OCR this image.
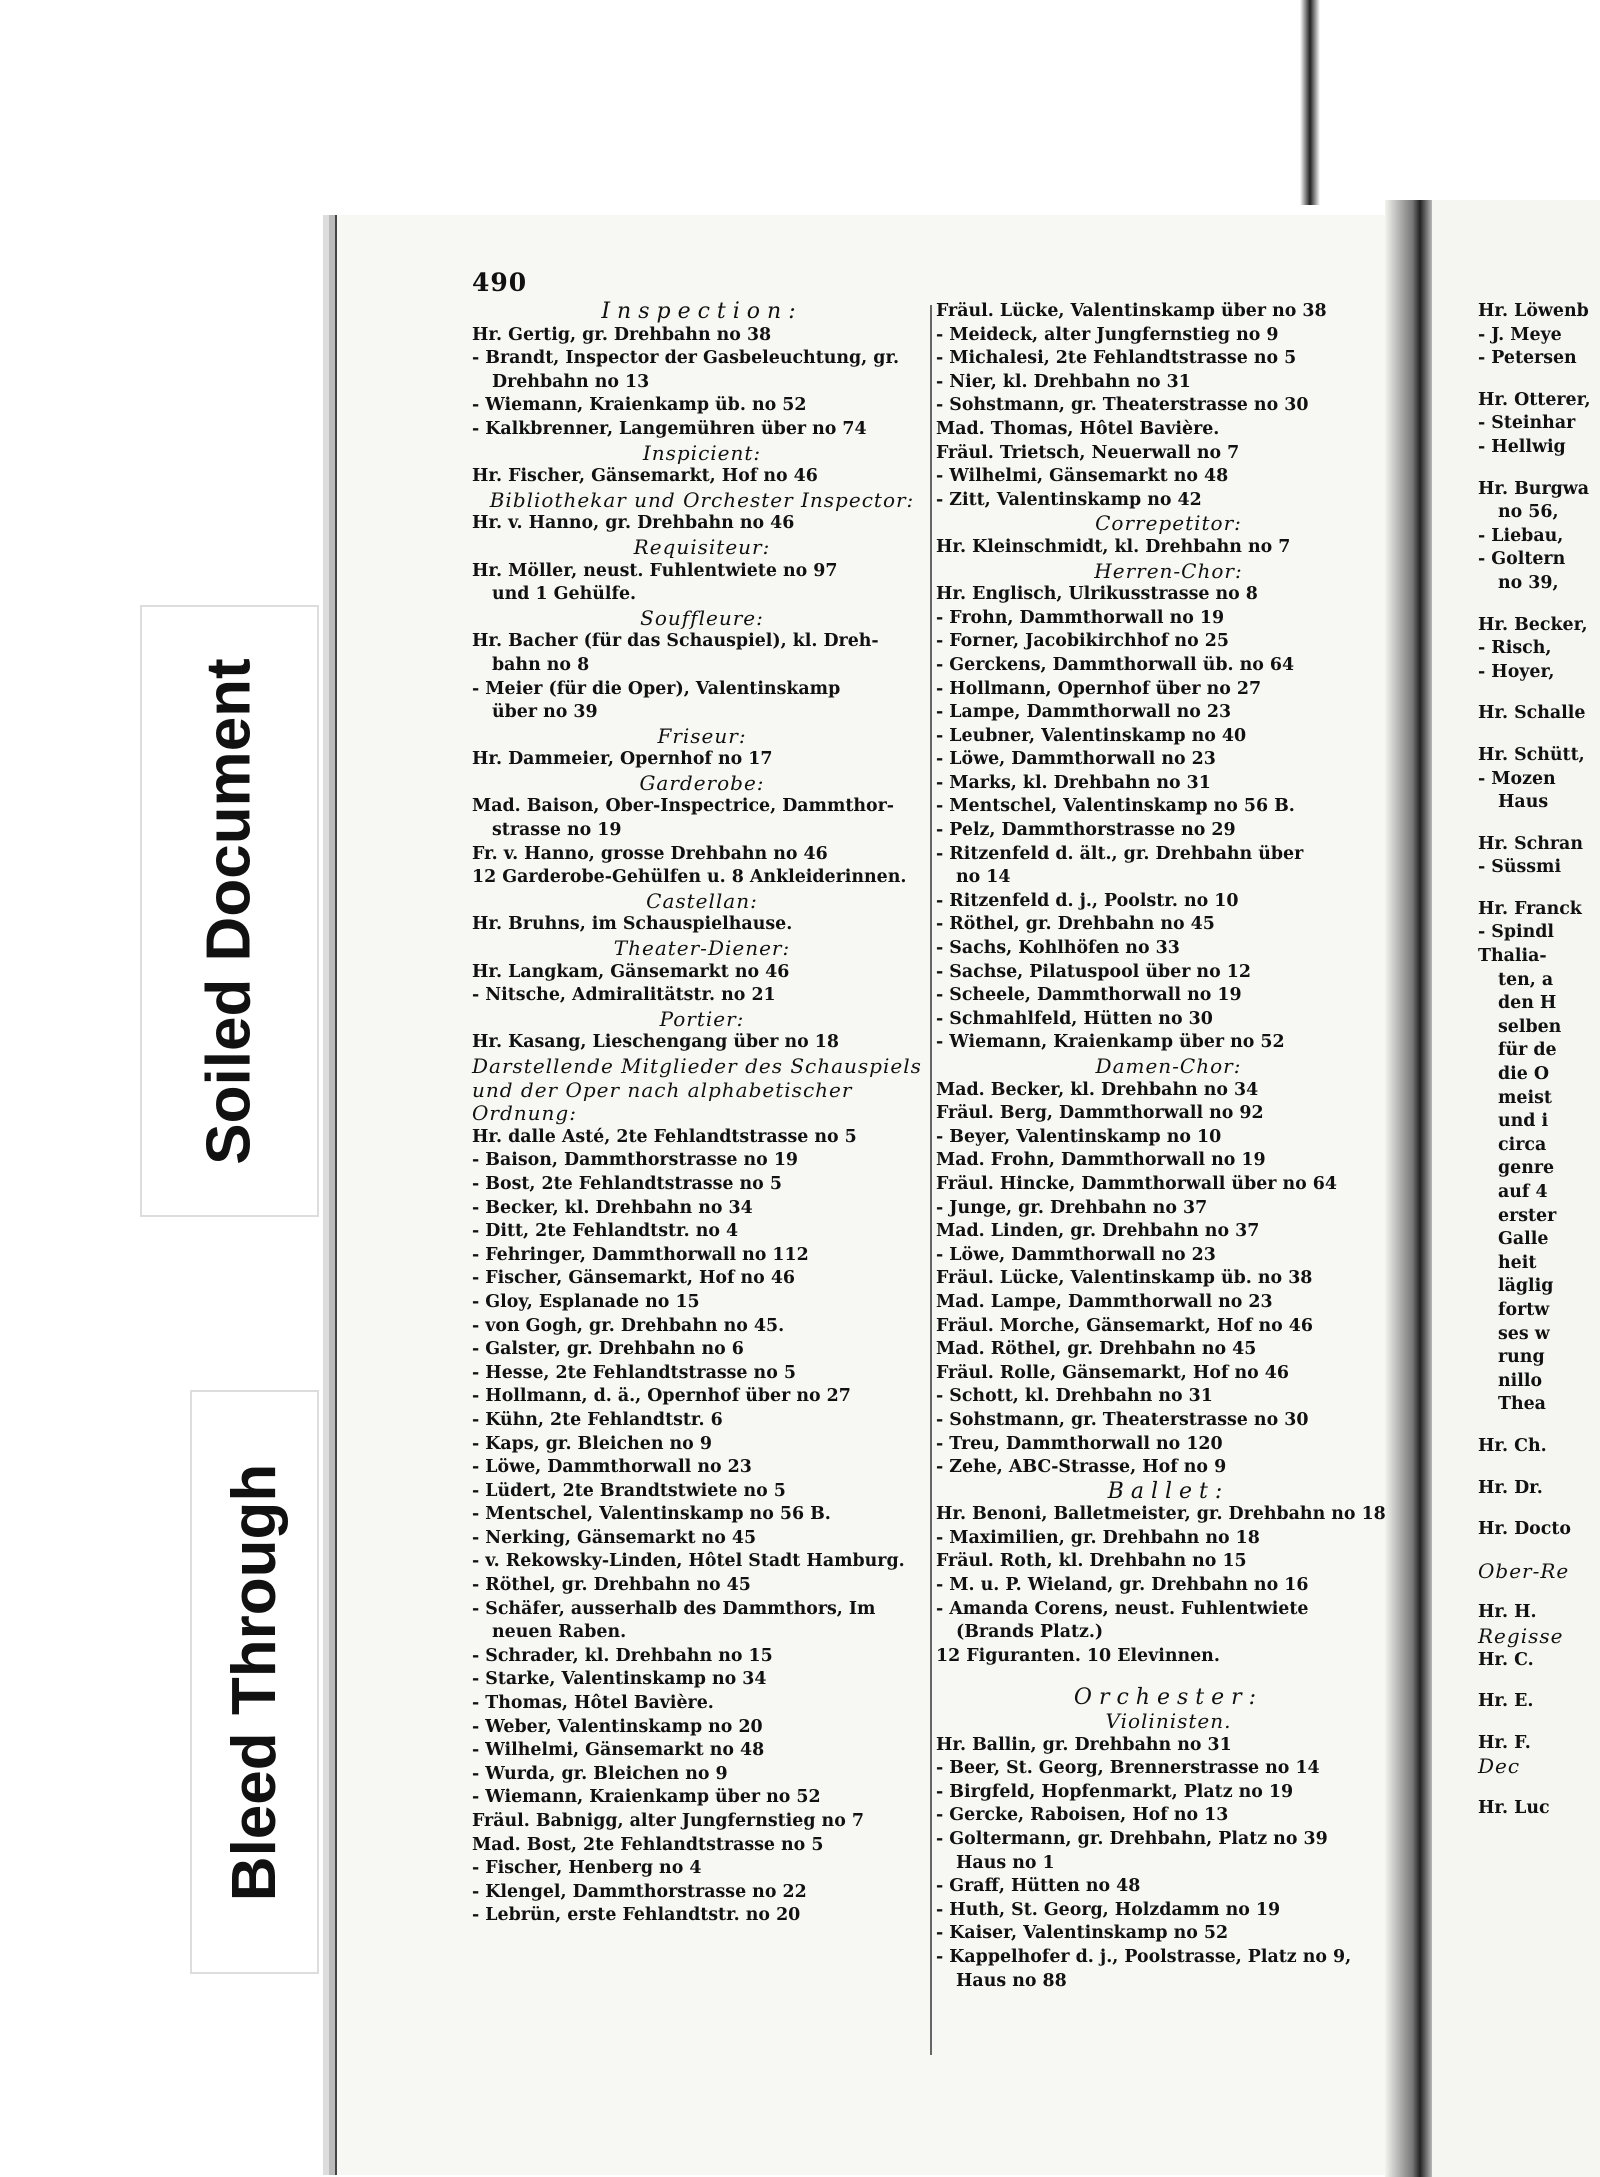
490
Inspection:
Hr. Gertig, gr. Drehbahn no 38
- Brandt, Inspector der Gasbeleuchtung, gr.
Drehbahn no 13
- Wiemann, Kraienkamp üb. no 52
- Kalkbrenner, Langemühren über no 74
Inspicient:
Hr. Fischer, Gänsemarkt, Hof no 46
Bibliothekar und Orchester Inspector:
Hr. v. Hanno, gr. Drehbahn no 46
Requisiteur:
Hr. Möller, neust. Fuhlentwiete no 97
und 1 Gehülfe.
Souffleure:
Hr. Bacher (für das Schauspiel), kl. Dreh-
bahn no 8
- Meier (für die Oper), Valentinskamp
über no 39
Friseur:
Hr. Dammeier, Opernhof no 17
Garderobe:
Mad. Baison, Ober-Inspectrice, Dammthor-
strasse no 19
Fr. v. Hanno, grosse Drehbahn no 46
12 Garderobe-Gehülfen u. 8 Ankleiderinnen.
Castellan:
Hr. Bruhns, im Schauspielhause.
Theater-Diener:
Hr. Langkam, Gänsemarkt no 46
- Nitsche, Admiralitätstr. no 21
Portier:
Hr. Kasang, Lieschengang über no 18
Darstellende Mitglieder des Schauspiels
und der Oper nach alphabetischer
Ordnung:
Hr. dalle Asté, 2te Fehlandtstrasse no 5
- Baison, Dammthorstrasse no 19
- Bost, 2te Fehlandtstrasse no 5
- Becker, kl. Drehbahn no 34
- Ditt, 2te Fehlandtstr. no 4
- Fehringer, Dammthorwall no 112
- Fischer, Gänsemarkt, Hof no 46
- Gloy, Esplanade no 15
- von Gogh, gr. Drehbahn no 45.
- Galster, gr. Drehbahn no 6
- Hesse, 2te Fehlandtstrasse no 5
- Hollmann, d. ä., Opernhof über no 27
- Kühn, 2te Fehlandtstr. 6
- Kaps, gr. Bleichen no 9
- Löwe, Dammthorwall no 23
- Lüdert, 2te Brandtstwiete no 5
- Mentschel, Valentinskamp no 56 B.
- Nerking, Gänsemarkt no 45
- v. Rekowsky-Linden, Hôtel Stadt Hamburg.
- Röthel, gr. Drehbahn no 45
- Schäfer, ausserhalb des Dammthors, Im
neuen Raben.
- Schrader, kl. Drehbahn no 15
- Starke, Valentinskamp no 34
- Thomas, Hôtel Bavière.
- Weber, Valentinskamp no 20
- Wilhelmi, Gänsemarkt no 48
- Wurda, gr. Bleichen no 9
- Wiemann, Kraienkamp über no 52
Fräul. Babnigg, alter Jungfernstieg no 7
Mad. Bost, 2te Fehlandtstrasse no 5
- Fischer, Henberg no 4
- Klengel, Dammthorstrasse no 22
- Lebrün, erste Fehlandtstr. no 20
Fräul. Lücke, Valentinskamp über no 38
- Meideck, alter Jungfernstieg no 9
- Michalesi, 2te Fehlandtstrasse no 5
- Nier, kl. Drehbahn no 31
- Sohstmann, gr. Theaterstrasse no 30
Mad. Thomas, Hôtel Bavière.
Fräul. Trietsch, Neuerwall no 7
- Wilhelmi, Gänsemarkt no 48
- Zitt, Valentinskamp no 42
Correpetitor:
Hr. Kleinschmidt, kl. Drehbahn no 7
Herren-Chor:
Hr. Englisch, Ulrikusstrasse no 8
- Frohn, Dammthorwall no 19
- Forner, Jacobikirchhof no 25
- Gerckens, Dammthorwall üb. no 64
- Hollmann, Opernhof über no 27
- Lampe, Dammthorwall no 23
- Leubner, Valentinskamp no 40
- Löwe, Dammthorwall no 23
- Marks, kl. Drehbahn no 31
- Mentschel, Valentinskamp no 56 B.
- Pelz, Dammthorstrasse no 29
- Ritzenfeld d. ält., gr. Drehbahn über
no 14
- Ritzenfeld d. j., Poolstr. no 10
- Röthel, gr. Drehbahn no 45
- Sachs, Kohlhöfen no 33
- Sachse, Pilatuspool über no 12
- Scheele, Dammthorwall no 19
- Schmahlfeld, Hütten no 30
- Wiemann, Kraienkamp über no 52
Damen-Chor:
Mad. Becker, kl. Drehbahn no 34
Fräul. Berg, Dammthorwall no 92
- Beyer, Valentinskamp no 10
Mad. Frohn, Dammthorwall no 19
Fräul. Hincke, Dammthorwall über no 64
- Junge, gr. Drehbahn no 37
Mad. Linden, gr. Drehbahn no 37
- Löwe, Dammthorwall no 23
Fräul. Lücke, Valentinskamp üb. no 38
Mad. Lampe, Dammthorwall no 23
Fräul. Morche, Gänsemarkt, Hof no 46
Mad. Röthel, gr. Drehbahn no 45
Fräul. Rolle, Gänsemarkt, Hof no 46
- Schott, kl. Drehbahn no 31
- Sohstmann, gr. Theaterstrasse no 30
- Treu, Dammthorwall no 120
- Zehe, ABC-Strasse, Hof no 9
Ballet:
Hr. Benoni, Balletmeister, gr. Drehbahn no 18
- Maximilien, gr. Drehbahn no 18
Fräul. Roth, kl. Drehbahn no 15
- M. u. P. Wieland, gr. Drehbahn no 16
- Amanda Corens, neust. Fuhlentwiete
(Brands Platz.)
12 Figuranten. 10 Elevinnen.
Orchester:
Violinisten.
Hr. Ballin, gr. Drehbahn no 31
- Beer, St. Georg, Brennerstrasse no 14
- Birgfeld, Hopfenmarkt, Platz no 19
- Gercke, Raboisen, Hof no 13
- Goltermann, gr. Drehbahn, Platz no 39
Haus no 1
- Graff, Hütten no 48
- Huth, St. Georg, Holzdamm no 19
- Kaiser, Valentinskamp no 52
- Kappelhofer d. j., Poolstrasse, Platz no 9,
Haus no 88
Hr. Löwenb
- J. Meye
- Petersen
Hr. Otterer,
- Steinhar
- Hellwig
Hr. Burgwa
no 56,
- Liebau,
- Goltern
no 39,
Hr. Becker,
- Risch,
- Hoyer,
Hr. Schalle
Hr. Schütt,
- Mozen
Haus
Hr. Schran
- Süssmi
Hr. Franck
- Spindl
Thalia-
ten, a
den H
selben
für de
die O
meist
und i
circa
genre
auf 4
erster
Galle
heit
läglig
fortw
ses w
rung
nillo
Thea
Hr. Ch.
Hr. Dr.
Hr. Docto
Ober-Re
Hr. H.
Regisse
Hr. C.
Hr. E.
Hr. F.
Dec
Hr. Luc
Soiled Document
Bleed Through
